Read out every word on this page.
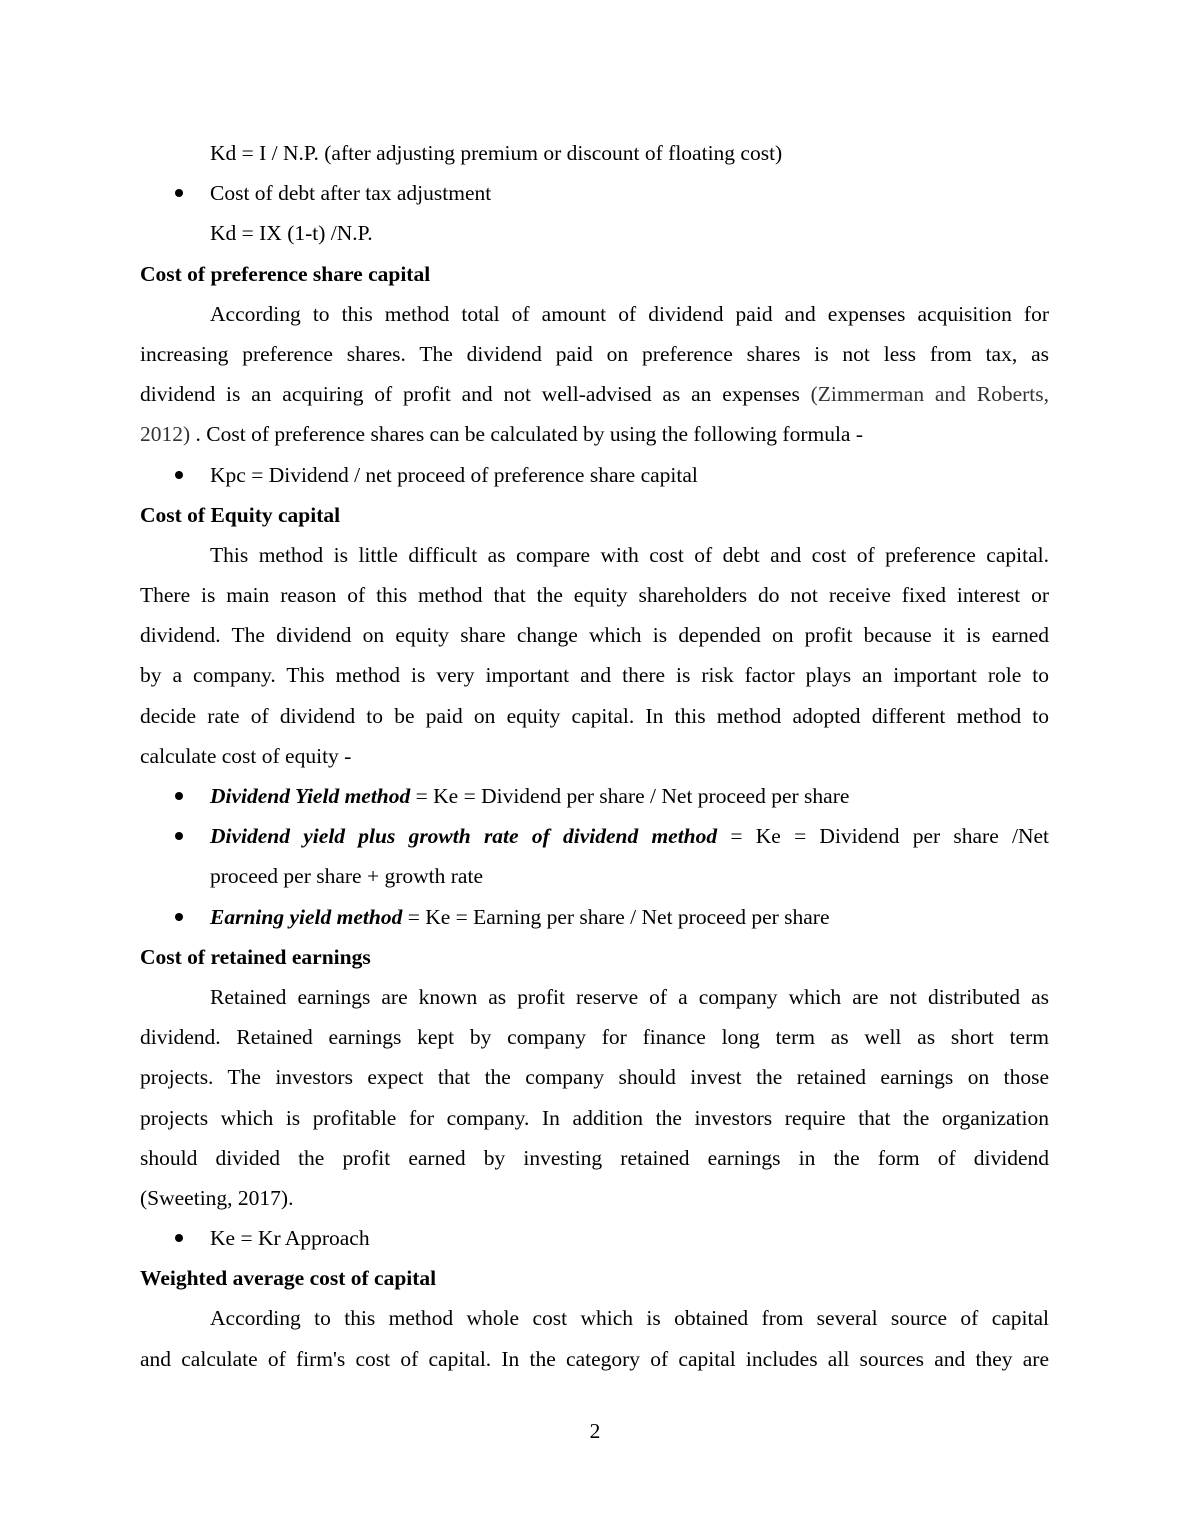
Kd = I / N.P. (after adjusting premium or discount of floating cost)
Cost of debt after tax adjustment
Kd = IX (1-t) /N.P.
Cost of preference share capital
According to this method total of amount of dividend paid and expenses acquisition for
increasing preference shares. The dividend paid on preference shares is not less from tax, as
dividend is an acquiring of profit and not well-advised as an expenses (Zimmerman and Roberts,
2012) . Cost of preference shares can be calculated by using the following formula -
Kpc = Dividend / net proceed of preference share capital
Cost of Equity capital
This method is little difficult as compare with cost of debt and cost of preference capital.
There is main reason of this method that the equity shareholders do not receive fixed interest or
dividend. The dividend on equity share change which is depended on profit because it is earned
by a company. This method is very important and there is risk factor plays an important role to
decide rate of dividend to be paid on equity capital. In this method adopted different method to
calculate cost of equity -
Dividend Yield method = Ke = Dividend per share / Net proceed per share
Dividend yield plus growth rate of dividend method = Ke = Dividend per share /Net
proceed per share + growth rate
Earning yield method = Ke = Earning per share / Net proceed per share
Cost of retained earnings
Retained earnings are known as profit reserve of a company which are not distributed as
dividend. Retained earnings kept by company for finance long term as well as short term
projects. The investors expect that the company should invest the retained earnings on those
projects which is profitable for company. In addition the investors require that the organization
should divided the profit earned by investing retained earnings in the form of dividend
(Sweeting, 2017).
Ke = Kr Approach
Weighted average cost of capital
According to this method whole cost which is obtained from several source of capital
and calculate of firm's cost of capital. In the category of capital includes all sources and they are
2
